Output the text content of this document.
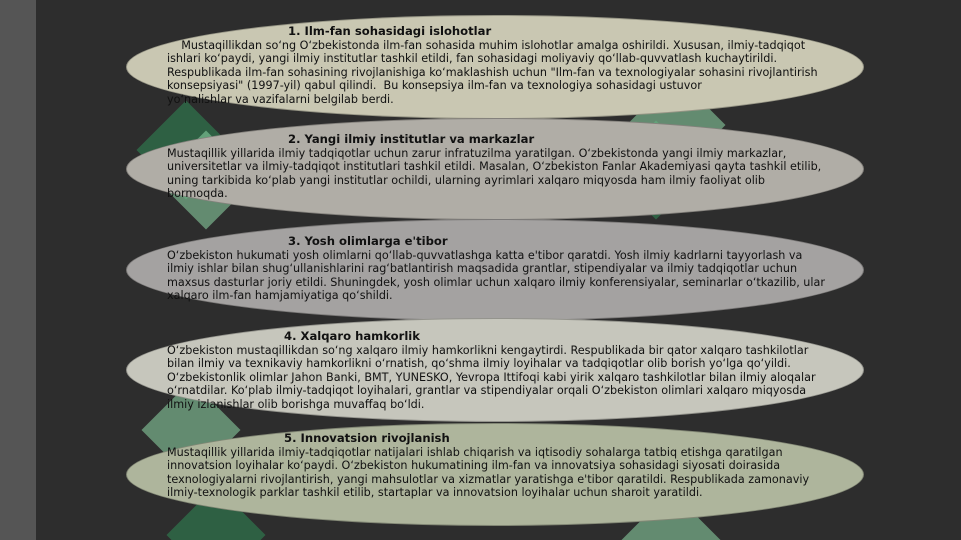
1. Ilm-fan sohasidagi islohotlar

Mustaqillikdan so‘ng O‘zbekistonda ilm-fan sohasida muhim islohotlar amalga oshirildi. Xususan, ilmiy-tadqiqot ishlari ko‘paydi, yangi ilmiy institutlar tashkil etildi, fan sohasidagi moliyaviy qo‘llab-quvvatlash kuchaytirildi. Respublikada ilm-fan sohasining rivojlanishiga ko‘maklashish uchun "Ilm-fan va texnologiyalar sohasini rivojlantirish konsepsiyasi" (1997-yil) qabul qilindi.  Bu konsepsiya ilm-fan va texnologiya sohasidagi ustuvor                                yo‘nalishlar va vazifalarni belgilab berdi.

2. Yangi ilmiy institutlar va markazlar

Mustaqillik yillarida ilmiy tadqiqotlar uchun zarur infratuzilma yaratilgan. O‘zbekistonda yangi ilmiy markazlar, universitetlar va ilmiy-tadqiqot institutlari tashkil etildi. Masalan, O‘zbekiston Fanlar Akademiyasi qayta tashkil etilib, uning tarkibida ko‘plab yangi institutlar ochildi, ularning ayrimlari xalqaro miqyosda ham ilmiy faoliyat olib bormoqda.

3. Yosh olimlarga e'tibor

O‘zbekiston hukumati yosh olimlarni qo‘llab-quvvatlashga katta e'tibor qaratdi. Yosh ilmiy kadrlarni tayyorlash va ilmiy ishlar bilan shug‘ullanishlarini rag‘batlantirish maqsadida grantlar, stipendiyalar va ilmiy tadqiqotlar uchun maxsus dasturlar joriy etildi. Shuningdek, yosh olimlar uchun xalqaro ilmiy konferensiyalar, seminarlar o‘tkazilib, ular xalqaro ilm-fan hamjamiyatiga qo‘shildi.

4. Xalqaro hamkorlik

O‘zbekiston mustaqillikdan so‘ng xalqaro ilmiy hamkorlikni kengaytirdi. Respublikada bir qator xalqaro tashkilotlar bilan ilmiy va texnikaviy hamkorlikni o‘rnatish, qo‘shma ilmiy loyihalar va tadqiqotlar olib borish yo‘lga qo‘yildi. O‘zbekistonlik olimlar Jahon Banki, BMT, YUNESKO, Yevropa Ittifoqi kabi yirik xalqaro tashkilotlar bilan ilmiy aloqalar o‘rnatdilar. Ko‘plab ilmiy-tadqiqot loyihalari, grantlar va stipendiyalar orqali O‘zbekiston olimlari xalqaro miqyosda ilmiy izlanishlar olib borishga muvaffaq bo‘ldi.

5. Innovatsion rivojlanish

Mustaqillik yillarida ilmiy-tadqiqotlar natijalari ishlab chiqarish va iqtisodiy sohalarga tatbiq etishga qaratilgan innovatsion loyihalar ko‘paydi. O‘zbekiston hukumatining ilm-fan va innovatsiya sohasidagi siyosati doirasida texnologiyalarni rivojlantirish, yangi mahsulotlar va xizmatlar yaratishga e'tibor qaratildi. Respublikada zamonaviy ilmiy-texnologik parklar tashkil etilib, startaplar va innovatsion loyihalar uchun sharoit yaratildi.
